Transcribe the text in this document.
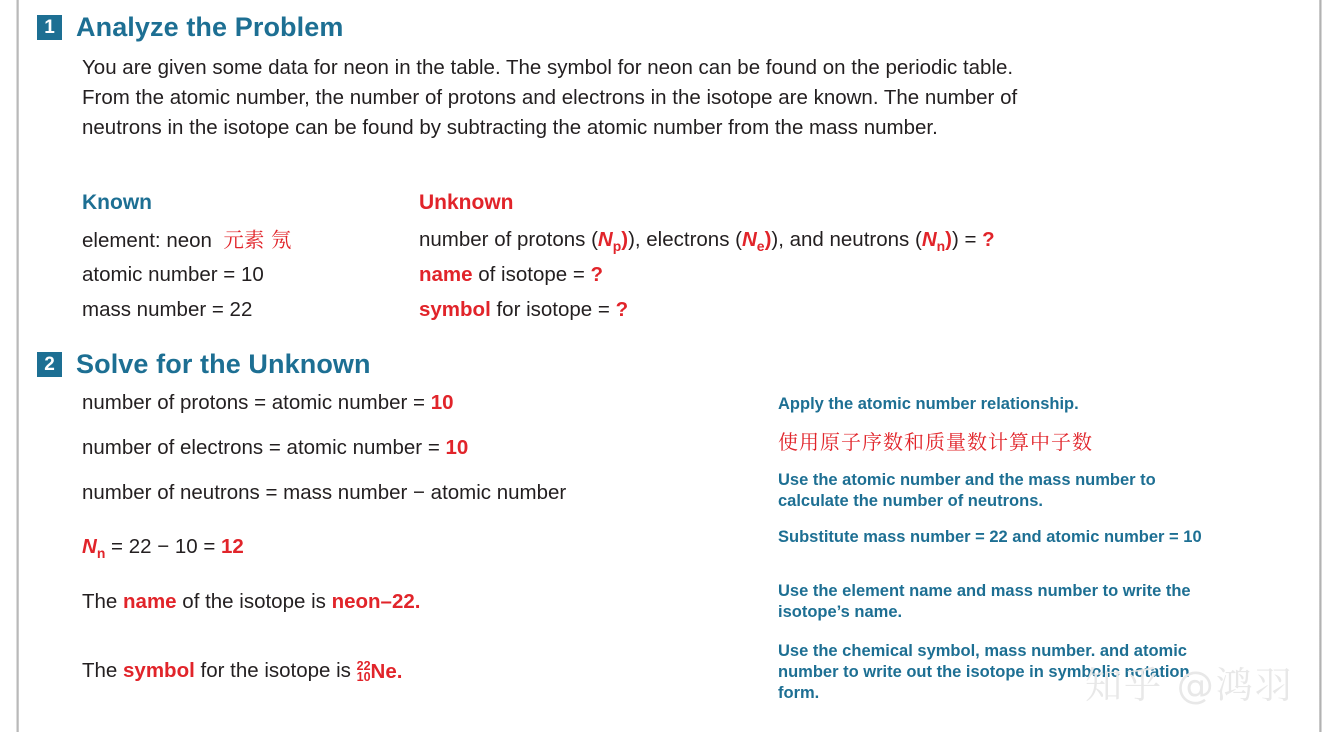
1 Analyze the Problem
You are given some data for neon in the table. The symbol for neon can be found on the periodic table. From the atomic number, the number of protons and electrons in the isotope are known. The number of neutrons in the isotope can be found by subtracting the atomic number from the mass number.
Known
element: neon 元素 氖
atomic number = 10
mass number = 22
Unknown
number of protons $(N_p)$), electrons $(N_e)$), and neutrons $(N_n)$) = ?
name of isotope = ?
symbol for isotope = ?
2 Solve for the Unknown
number of protons = atomic number = 10
number of electrons = atomic number = 10
number of neutrons = mass number − atomic number
$N_n = 22 - 10 = 12$
The name of the isotope is neon–22.
The symbol for the isotope is 22
10Ne.
Apply the atomic number relationship.
使用原子序数和质量数计算中子数
Use the atomic number and the mass number to calculate the number of neutrons.
Substitute mass number = 22 and atomic number = 10
Use the element name and mass number to write the isotope’s name.
Use the chemical symbol, mass number. and atomic number to write out the isotope in symbolic notation form.	知乎 @鸿羽
